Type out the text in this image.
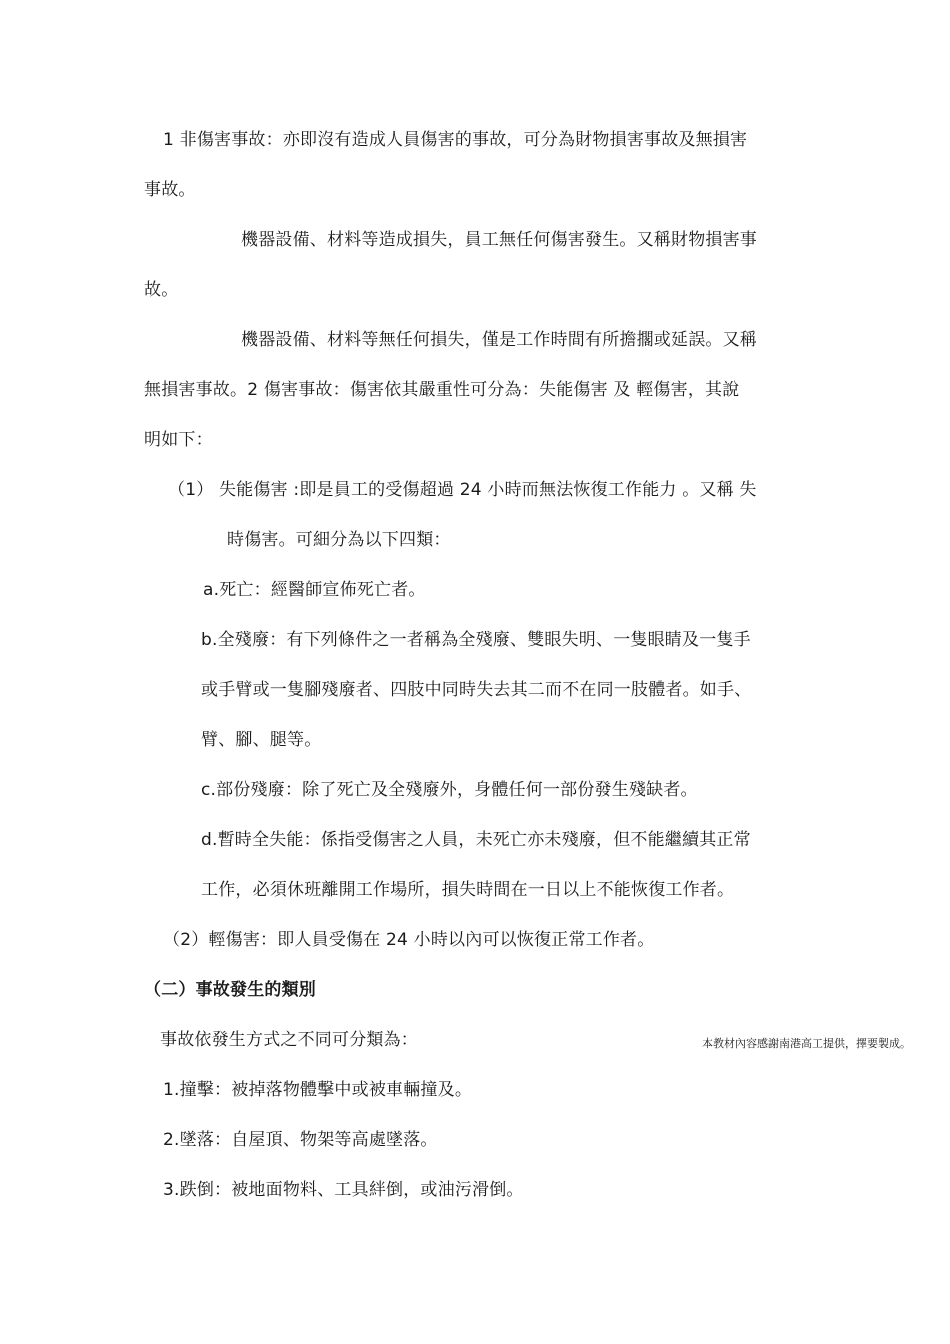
1 非傷害事故：亦即沒有造成人員傷害的事故，可分為財物損害事故及無損害
事故。
機器設備、材料等造成損失，員工無任何傷害發生。又稱財物損害事
故。
機器設備、材料等無任何損失，僅是工作時間有所擔擱或延誤。又稱
無損害事故。2 傷害事故：傷害依其嚴重性可分為：失能傷害 及 輕傷害，其說
明如下：
（1） 失能傷害 :即是員工的受傷超過 24 小時而無法恢復工作能力 。又稱 失
時傷害。可細分為以下四類：
a.死亡：經醫師宣佈死亡者。
b.全殘廢：有下列條件之一者稱為全殘廢、雙眼失明、一隻眼睛及一隻手
或手臂或一隻腳殘廢者、四肢中同時失去其二而不在同一肢體者。如手、
臂、腳、腿等。
c.部份殘廢：除了死亡及全殘廢外，身體任何一部份發生殘缺者。
d.暫時全失能：係指受傷害之人員，未死亡亦未殘廢，但不能繼續其正常
工作，必須休班離開工作場所，損失時間在一日以上不能恢復工作者。
（2）輕傷害：即人員受傷在 24 小時以內可以恢復正常工作者。
（二）事故發生的類別
事故依發生方式之不同可分類為：
1.撞擊：被掉落物體擊中或被車輛撞及。
2.墜落：自屋頂、物架等高處墜落。
3.跌倒：被地面物料、工具絆倒，或油污滑倒。
本教材內容感謝南港高工提供，擇要製成。
